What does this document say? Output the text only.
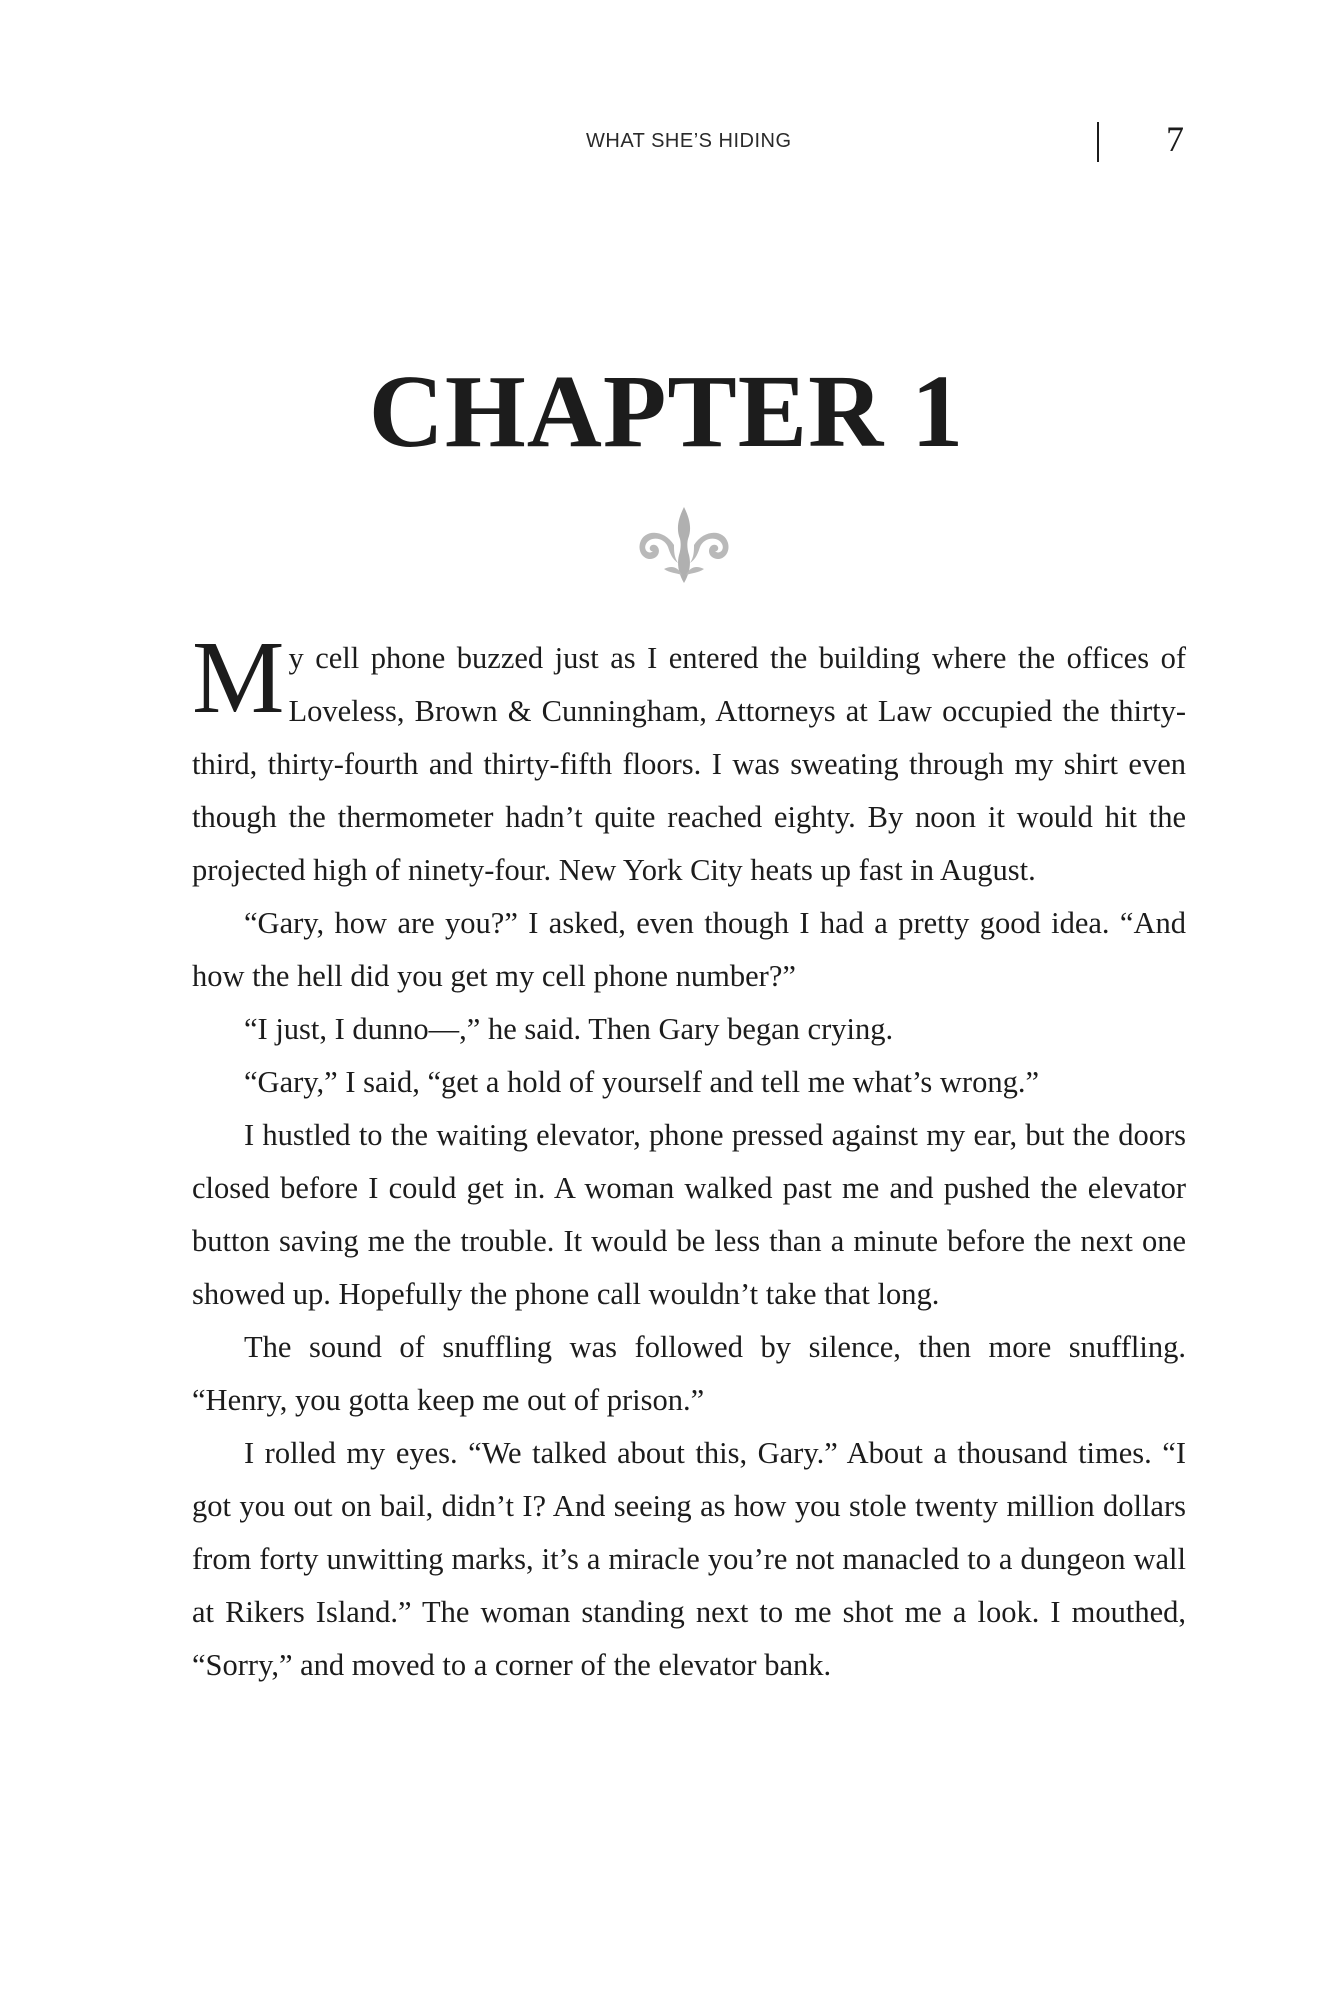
WHAT SHE’S HIDING	7
CHAPTER 1

My cell phone buzzed just as I entered the building where the offices of Loveless, Brown & Cunningham, Attorneys at Law occupied the thirty-third, thirty-fourth and thirty-fifth floors. I was sweating through my shirt even though the thermometer hadn’t quite reached eighty. By noon it would hit the projected high of ninety-four. New York City heats up fast in August.

“Gary, how are you?” I asked, even though I had a pretty good idea. “And how the hell did you get my cell phone number?”

“I just, I dunno—,” he said. Then Gary began crying.

“Gary,” I said, “get a hold of yourself and tell me what’s wrong.”

I hustled to the waiting elevator, phone pressed against my ear, but the doors closed before I could get in. A woman walked past me and pushed the elevator button saving me the trouble. It would be less than a minute before the next one showed up. Hopefully the phone call wouldn’t take that long.

The sound of snuffling was followed by silence, then more snuffling. “Henry, you gotta keep me out of prison.”

I rolled my eyes. “We talked about this, Gary.” About a thousand times. “I got you out on bail, didn’t I? And seeing as how you stole twenty million dollars from forty unwitting marks, it’s a miracle you’re not manacled to a dungeon wall at Rikers Island.” The woman standing next to me shot me a look. I mouthed, “Sorry,” and moved to a corner of the elevator bank.
